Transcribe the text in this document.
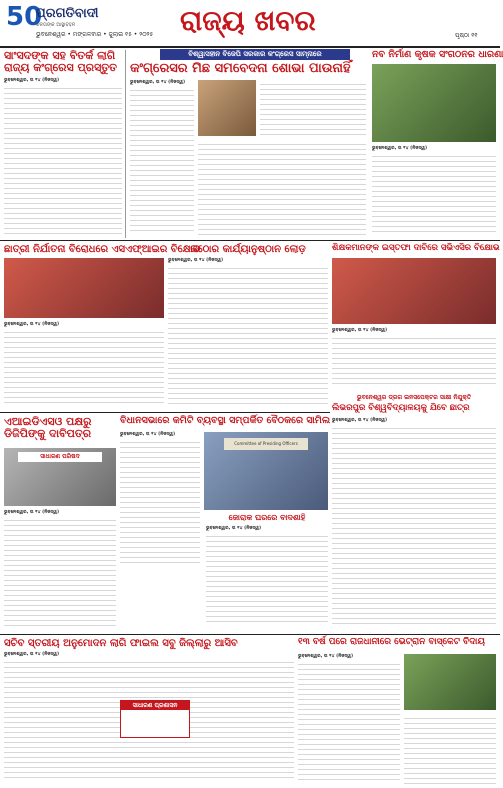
50
ପ୍ରଗତିବାଦୀ
ଜନତାଙ୍କ ଆସ୍ଥାବହନ
ଭୁବନେଶ୍ୱର • ମଙ୍ଗଳବାର • ଜୁଲାଇ ୧୫ • ୨୦୨୫ ରାଜ୍ୟ ଖବର	ପୃଷ୍ଠା ୧୧
ସାଂସଦଙ୍କ ସହ ବିତର୍କ ଲାଗି ରାଜ୍ୟ କଂଗ୍ରେସ ପ୍ରସ୍ତୁତ

ଭୁବନେଶ୍ୱର, ତା ୧୪ (ନିଜସ୍ୱ)

ବିଶ୍ୱାସହୀନ ବିଜେପି ସରକାର କଂଗ୍ରେସ ସାମ୍ନାରେ
କଂଗ୍ରେସର ମିଛ ସମବେଦନା ଶୋଭା ପାଉନାହିଁ

ଭୁବନେଶ୍ୱର, ତା ୧୪ (ନିଜସ୍ୱ)

ନବ ନିର୍ମାଣ କୃଷକ ସଂଗଠନର ଧାରଣା

ଭୁବନେଶ୍ୱର, ତା ୧୪ (ନିଜସ୍ୱ)

ଛାତ୍ରୀ ନିର୍ଯାତନା ବିରୋଧରେ ଏସଏଫ୍‌ଆଇର ବିକ୍ଷୋଭ

ଭୁବନେଶ୍ୱର, ତା ୧୪ (ନିଜସ୍ୱ)

କଠୋର କାର୍ଯ୍ୟାନୁଷ୍ଠାନ ଲୋଡ଼

ଭୁବନେଶ୍ୱର, ତା ୧୪ (ନିଜସ୍ୱ)

ଶିକ୍ଷକମାନଙ୍କ ଇସ୍ତଫା ଦାବିରେ ସଭିଏସିର ବିକ୍ଷୋଭ

ଭୁବନେଶ୍ୱର, ତା ୧୪ (ନିଜସ୍ୱ)

ଭୁବନେଶ୍ୱର ଡ୍ରଗ ଇନସପେକ୍ଟର ସାକ୍ଷୀ ନିଯୁକ୍ତି
ଲିଭରପୁର ବିଶ୍ୱବିଦ୍ୟାଳୟକୁ ଯିବେ ଛାତ୍ର

ଭୁବନେଶ୍ୱର, ତା ୧୪ (ନିଜସ୍ୱ)

ଏଆଇଡିଏସଓ ପକ୍ଷରୁ ଡିଜିପିଙ୍କୁ ଦାବିପତ୍ର
ସାଧାରଣ ପରିଷଦ

ଭୁବନେଶ୍ୱର, ତା ୧୪ (ନିଜସ୍ୱ)

ବିଧାନସଭାରେ କମିଟି ବ୍ୟବସ୍ଥା ସମ୍ପର୍କିତ ବୈଠକରେ ସାମିଲ
Committee of Presiding Officers

ଭୁବନେଶ୍ୱର, ତା ୧୪ (ନିଜସ୍ୱ)

ଜୋରାକ ଘରରେ ବାଦଶାହି

ଭୁବନେଶ୍ୱର, ତା ୧୪ (ନିଜସ୍ୱ)

ସଚିବ ସ୍ତରୀୟ ଅନୁମୋଦନ ଲାଗି ଫାଇଲ ସବୁ ଜିଲ୍ଲାରୁ ଆସିବ

ଭୁବନେଶ୍ୱର, ତା ୧୪ (ନିଜସ୍ୱ)

ସାଧାରଣ ପ୍ରଶାସନ
୧୩ ବର୍ଷ ପରେ ରାଜଧାନୀରେ ଭେଟ୍ରାନ ବାସ୍କେଟ ବିଦାୟ

ଭୁବନେଶ୍ୱର, ତା ୧୪ (ନିଜସ୍ୱ)
